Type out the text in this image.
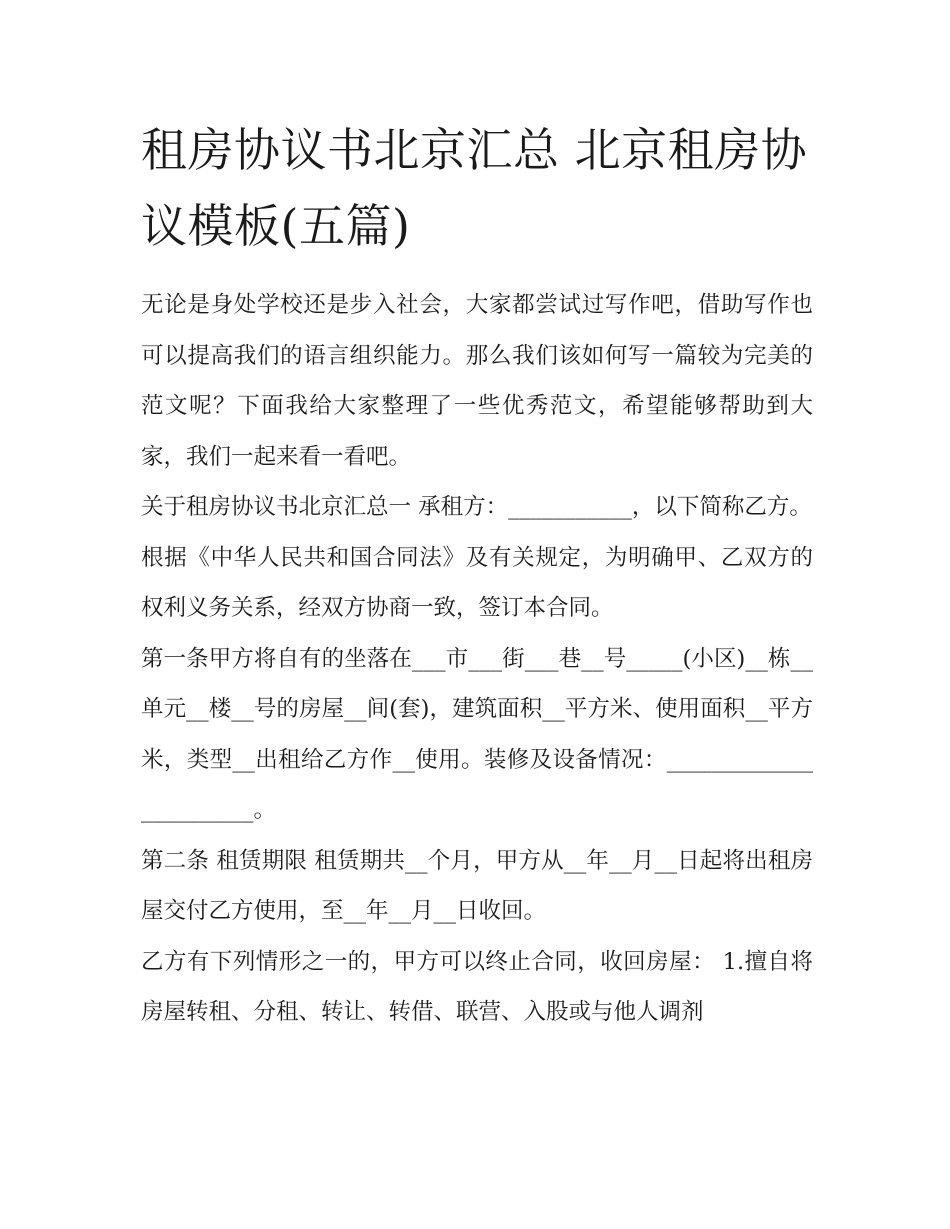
租房协议书北京汇总 北京租房协议模板(五篇)

无论是身处学校还是步入社会，大家都尝试过写作吧，借助写作也可以提高我们的语言组织能力。那么我们该如何写一篇较为完美的范文呢？下面我给大家整理了一些优秀范文，希望能够帮助到大家，我们一起来看一看吧。

关于租房协议书北京汇总一 承租方：___________，以下简称乙方。

根据《中华人民共和国合同法》及有关规定，为明确甲、乙双方的权利义务关系，经双方协商一致，签订本合同。

第一条甲方将自有的坐落在___市___街___巷__号_____(小区)__栋__单元__楼__号的房屋__间(套)，建筑面积__平方米、使用面积__平方米，类型__出租给乙方作__使用。装修及设备情况：_______________________。

第二条 租赁期限 租赁期共__个月，甲方从__年__月__日起将出租房屋交付乙方使用，至__年__月__日收回。

乙方有下列情形之一的，甲方可以终止合同，收回房屋： 1.擅自将房屋转租、分租、转让、转借、联营、入股或与他人调剂
